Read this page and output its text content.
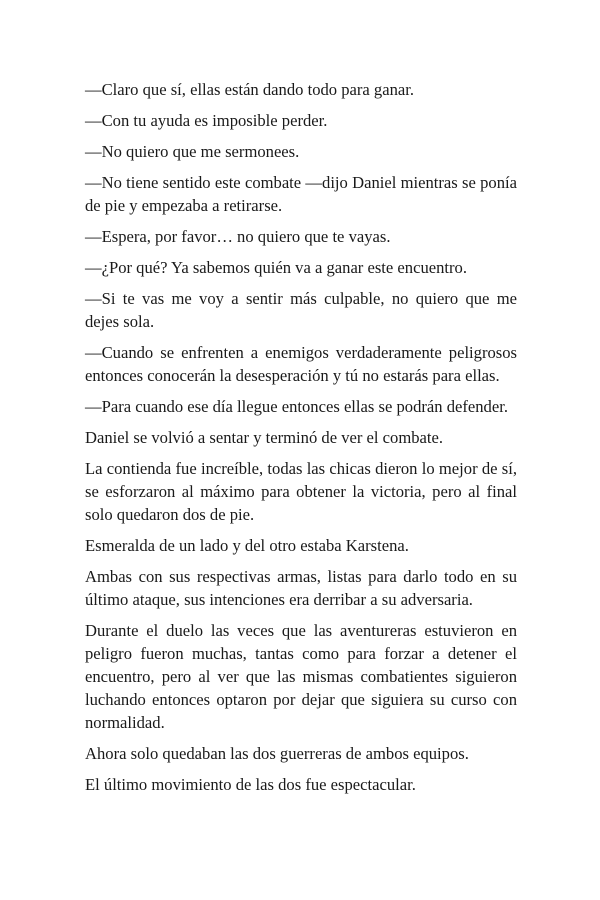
—Claro que sí, ellas están dando todo para ganar.

—Con tu ayuda es imposible perder.

—No quiero que me sermonees.

—No tiene sentido este combate —dijo Daniel mientras se ponía de pie y empezaba a retirarse.

—Espera, por favor… no quiero que te vayas.

—¿Por qué? Ya sabemos quién va a ganar este encuentro.

—Si te vas me voy a sentir más culpable, no quiero que me dejes sola.

—Cuando se enfrenten a enemigos verdaderamente peligrosos entonces conocerán la desesperación y tú no estarás para ellas.

—Para cuando ese día llegue entonces ellas se podrán defender.

Daniel se volvió a sentar y terminó de ver el combate.

La contienda fue increíble, todas las chicas dieron lo mejor de sí, se esforzaron al máximo para obtener la victoria, pero al final solo quedaron dos de pie.

Esmeralda de un lado y del otro estaba Karstena.

Ambas con sus respectivas armas, listas para darlo todo en su último ataque, sus intenciones era derribar a su adversaria.

Durante el duelo las veces que las aventureras estuvieron en peligro fueron muchas, tantas como para forzar a detener el encuentro, pero al ver que las mismas combatientes siguieron luchando entonces optaron por dejar que siguiera su curso con normalidad.

Ahora solo quedaban las dos guerreras de ambos equipos.

El último movimiento de las dos fue espectacular.
